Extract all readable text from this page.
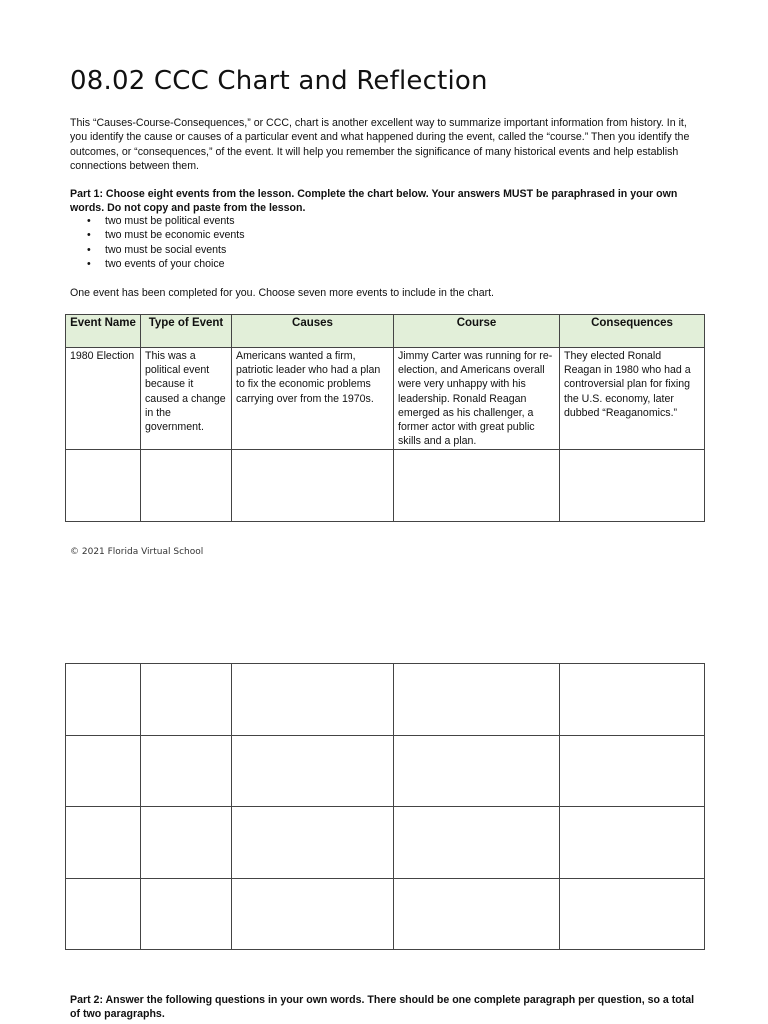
08.02 CCC Chart and Reflection

This “Causes-Course-Consequences,” or CCC, chart is another excellent way to summarize important information from history. In it, you identify the cause or causes of a particular event and what happened during the event, called the “course.” Then you identify the outcomes, or “consequences,” of the event. It will help you remember the significance of many historical events and help establish connections between them.

Part 1: Choose eight events from the lesson. Complete the chart below. Your answers MUST be paraphrased in your own words. Do not copy and paste from the lesson.

• two must be political events
• two must be economic events
• two must be social events
• two events of your choice

One event has been completed for you. Choose seven more events to include in the chart.

Event Name	Type of Event	Causes	Course	Consequences
1980 Election	This was a political event because it caused a change in the government.	Americans wanted a firm, patriotic leader who had a plan to fix the economic problems carrying over from the 1970s.	Jimmy Carter was running for re-election, and Americans overall were very unhappy with his leadership. Ronald Reagan emerged as his challenger, a former actor with great public skills and a plan.	They elected Ronald Reagan in 1980 who had a controversial plan for fixing the U.S. economy, later dubbed “Reaganomics.”

© 2021 Florida Virtual School

Part 2: Answer the following questions in your own words. There should be one complete paragraph per question, so a total of two paragraphs.
